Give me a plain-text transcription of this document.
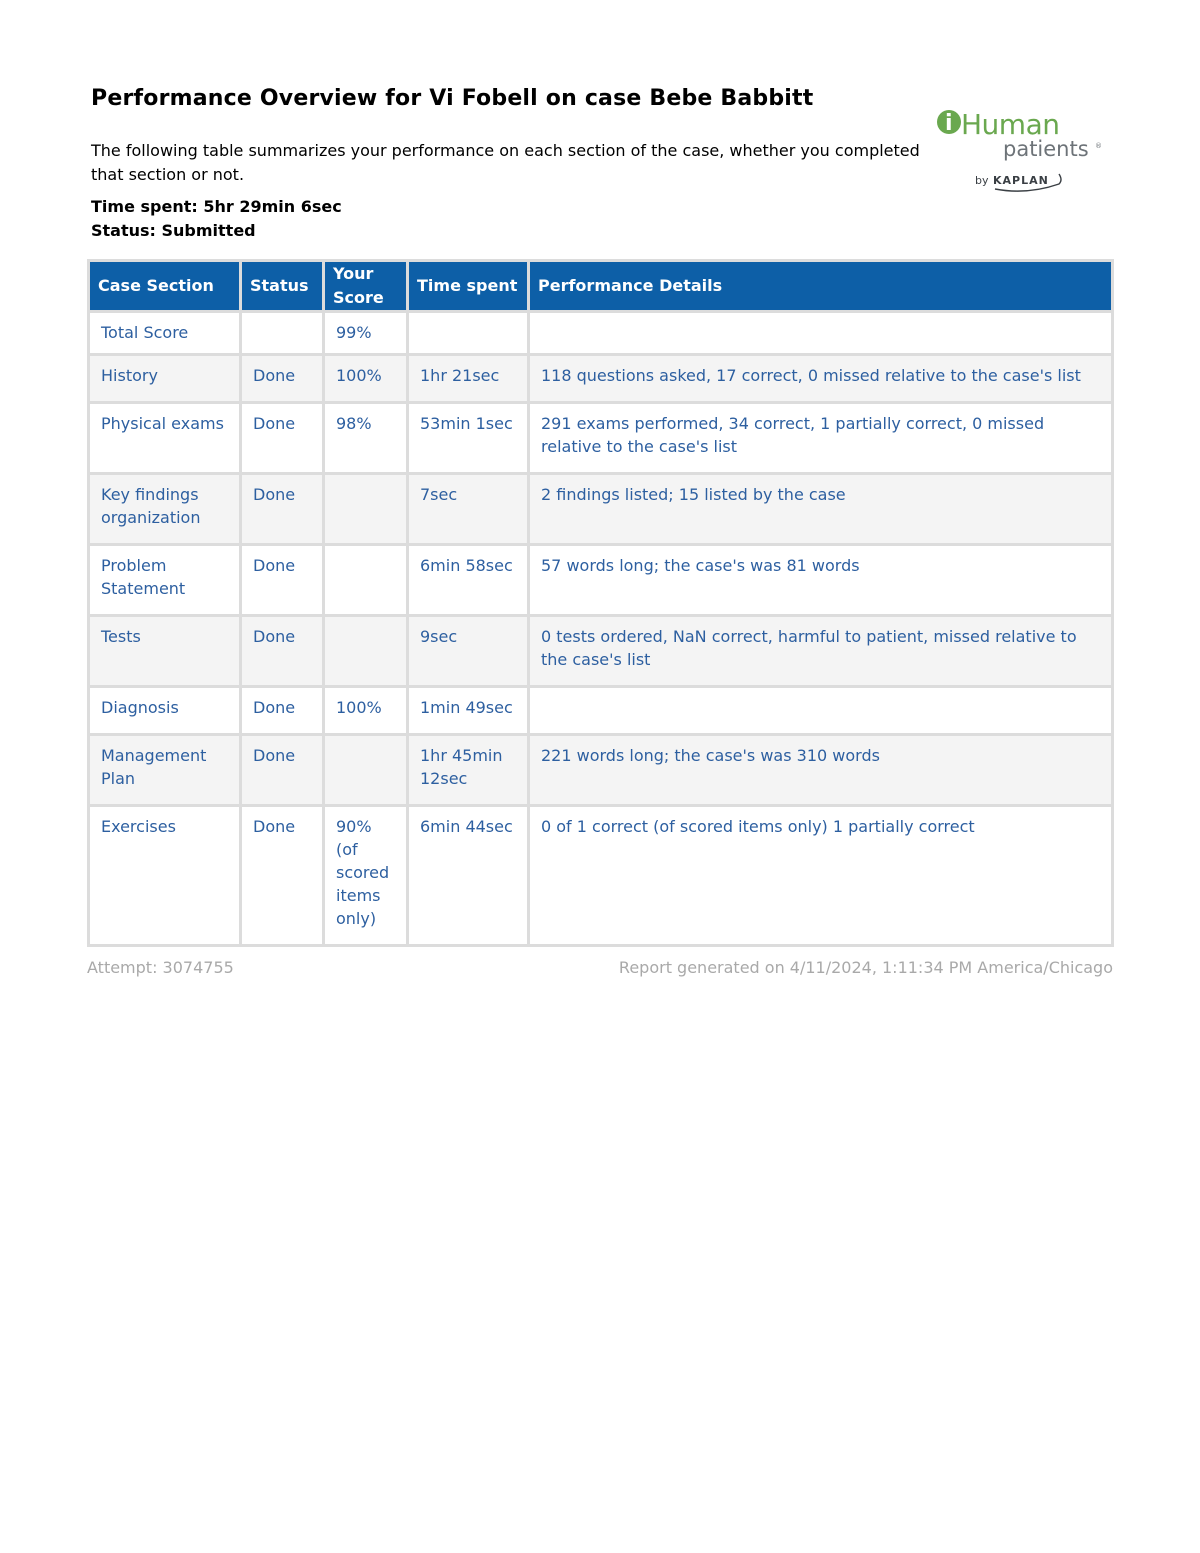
Performance Overview for Vi Fobell on case Bebe Babbitt

The following table summarizes your performance on each section of the case, whether you completed that section or not.

Time spent: 5hr 29min 6sec
Status: Submitted
i Human
patients ®
by KAPLAN
Case Section	Status	Your Score	Time spent	Performance Details
Total Score		99%		
History	Done	100%	1hr 21sec	118 questions asked, 17 correct, 0 missed relative to the case's list
Physical exams	Done	98%	53min 1sec	291 exams performed, 34 correct, 1 partially correct, 0 missed relative to the case's list
Key findings organization	Done		7sec	2 findings listed; 15 listed by the case
Problem Statement	Done		6min 58sec	57 words long; the case's was 81 words
Tests	Done		9sec	0 tests ordered, NaN correct, harmful to patient, missed relative to the case's list
Diagnosis	Done	100%	1min 49sec	
Management Plan	Done		1hr 45min 12sec	221 words long; the case's was 310 words
Exercises	Done	90% (of scored items only)	6min 44sec	0 of 1 correct (of scored items only) 1 partially correct
Attempt: 3074755	Report generated on 4/11/2024, 1:11:34 PM America/Chicago
